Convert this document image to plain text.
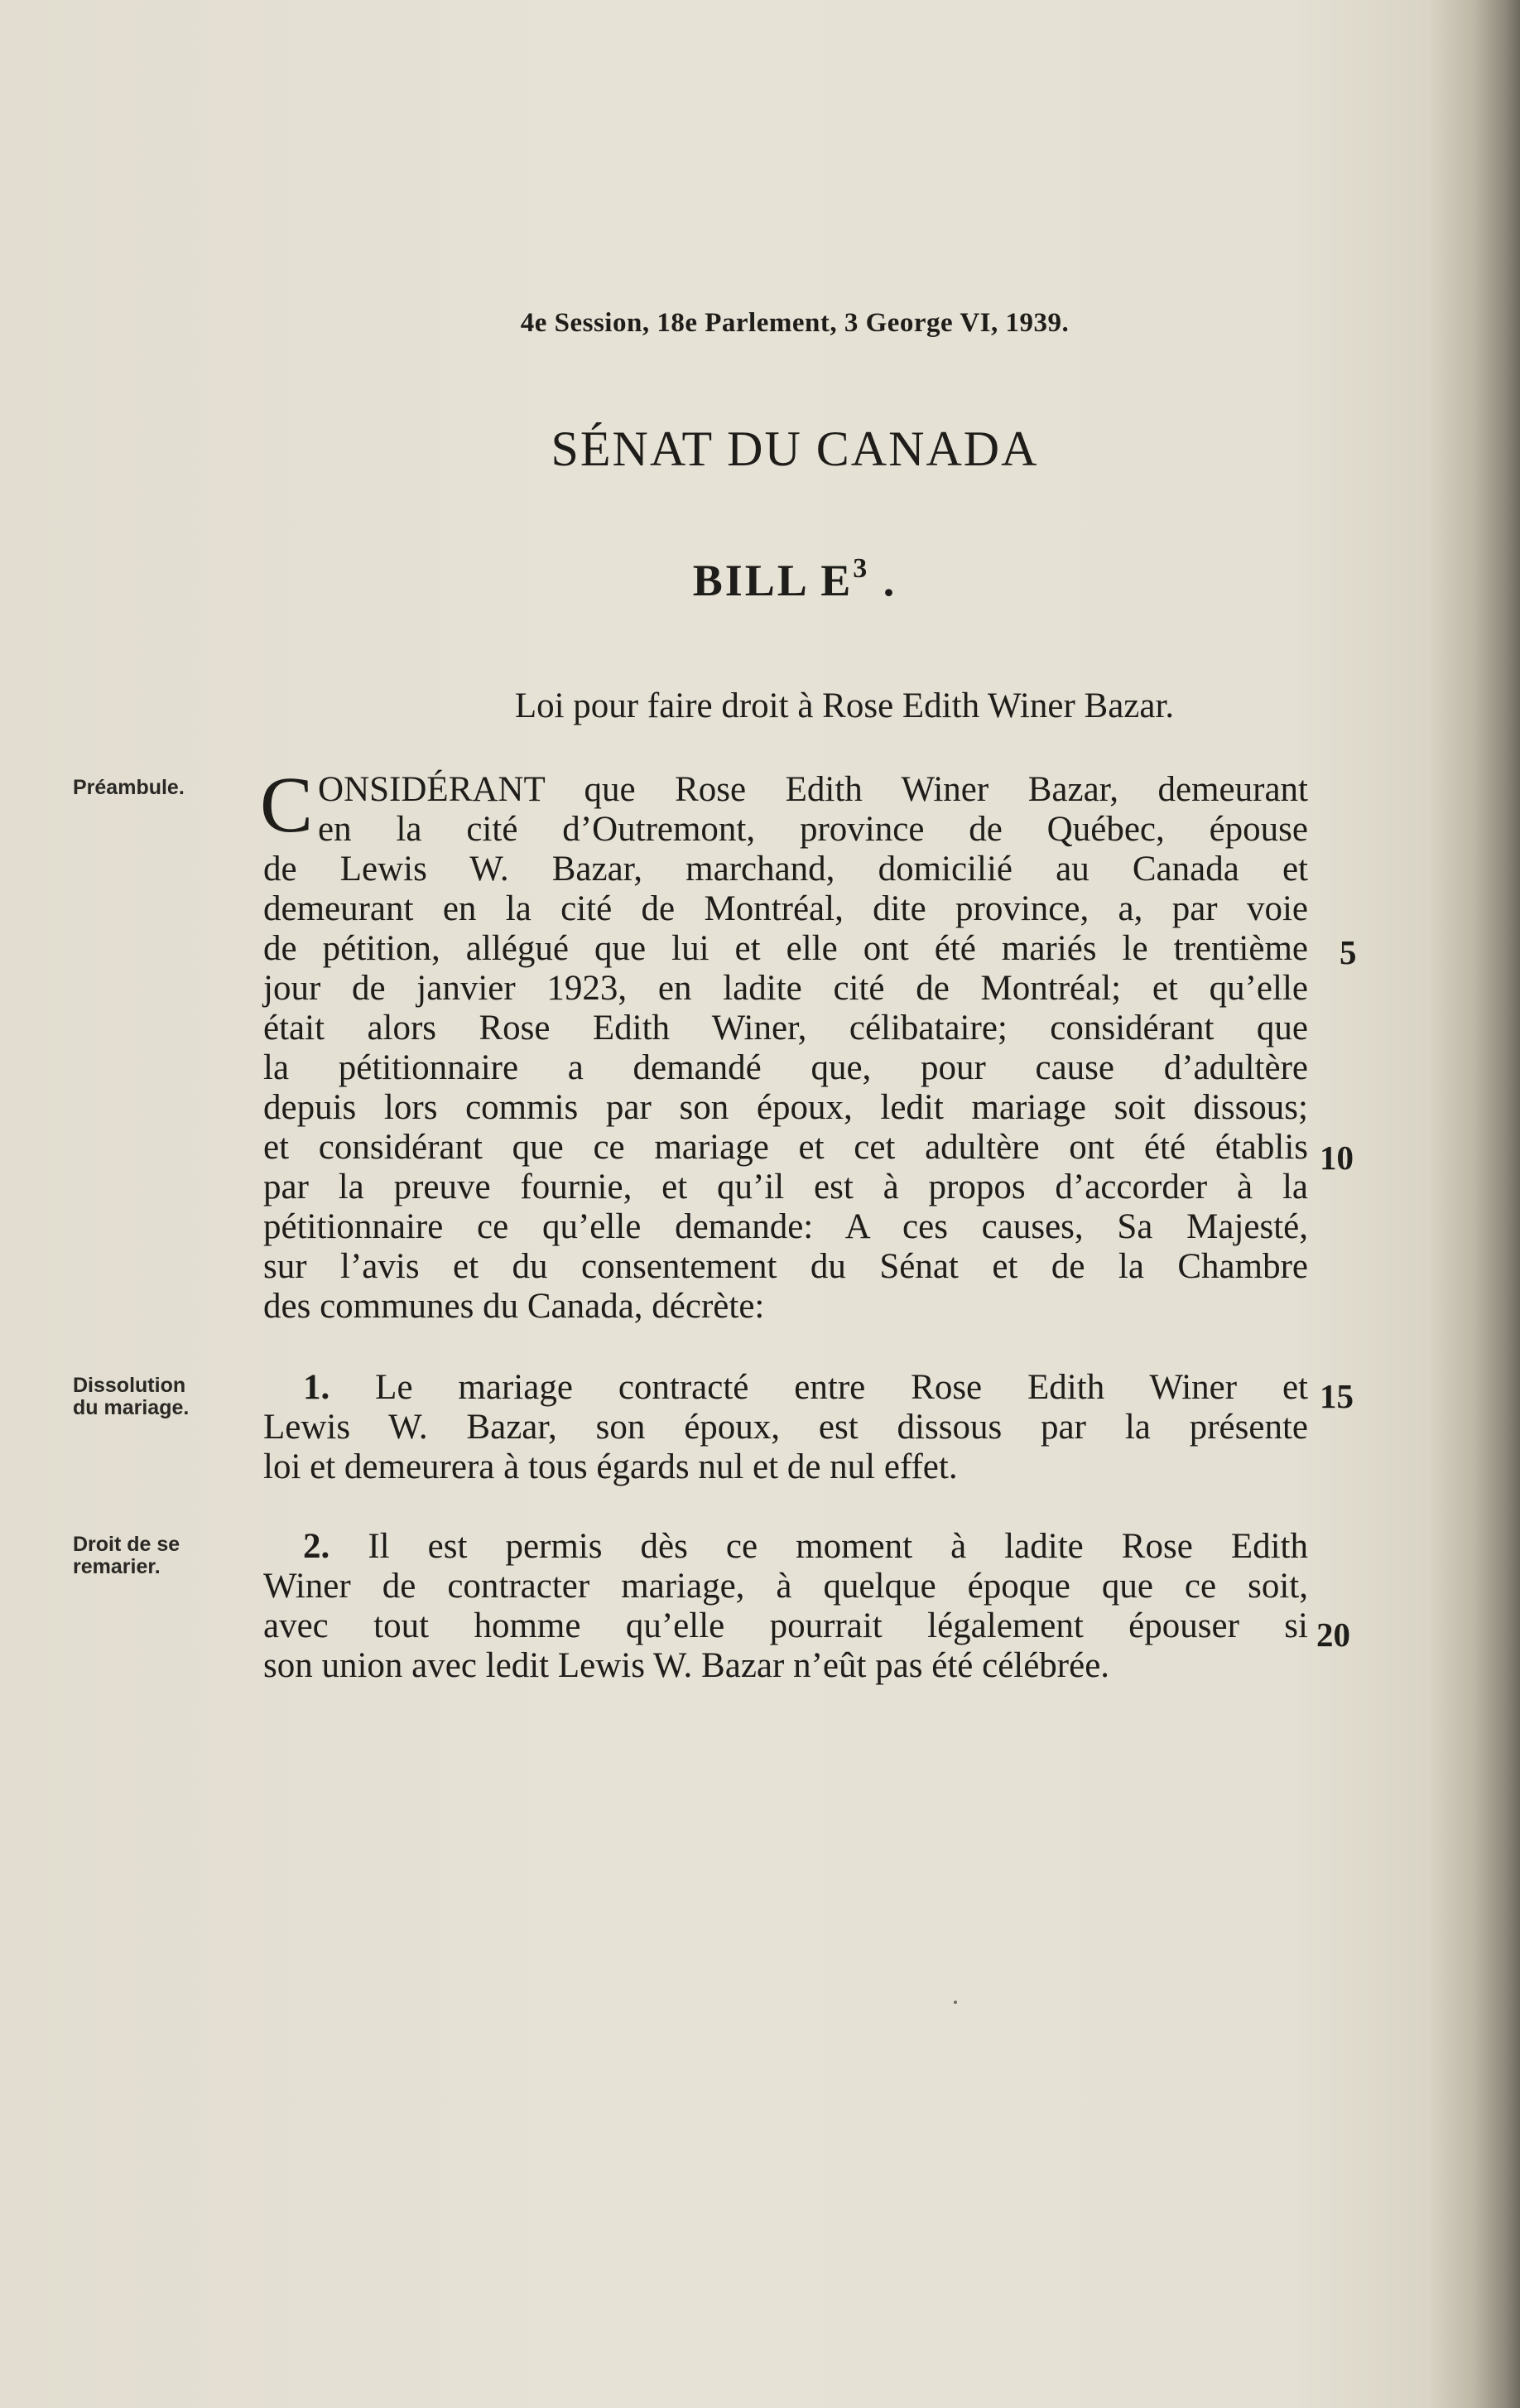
4e Session, 18e Parlement, 3 George VI, 1939.
SÉNAT DU CANADA
BILL $E^3$ .
Loi pour faire droit à Rose Edith Winer Bazar.
Préambule. C ONSIDÉRANT que Rose Edith Winer Bazar, demeurant
en la cité d’Outremont, province de Québec, épouse
de Lewis W. Bazar, marchand, domicilié au Canada et
demeurant en la cité de Montréal, dite province, a, par voie
de pétition, allégué que lui et elle ont été mariés le trentième
jour de janvier 1923, en ladite cité de Montréal; et qu’elle
était alors Rose Edith Winer, célibataire; considérant que
la pétitionnaire a demandé que, pour cause d’adultère
depuis lors commis par son époux, ledit mariage soit dissous;
et considérant que ce mariage et cet adultère ont été établis
par la preuve fournie, et qu’il est à propos d’accorder à la
pétitionnaire ce qu’elle demande: A ces causes, Sa Majesté,
sur l’avis et du consentement du Sénat et de la Chambre
des communes du Canada, décrète:
Dissolution
du mariage.
1. Le mariage contracté entre Rose Edith Winer et
Lewis W. Bazar, son époux, est dissous par la présente
loi et demeurera à tous égards nul et de nul effet.
Droit de se
remarier.
2. Il est permis dès ce moment à ladite Rose Edith
Winer de contracter mariage, à quelque époque que ce soit,
avec tout homme qu’elle pourrait légalement épouser si
son union avec ledit Lewis W. Bazar n’eût pas été célébrée.
5
10
15
20
